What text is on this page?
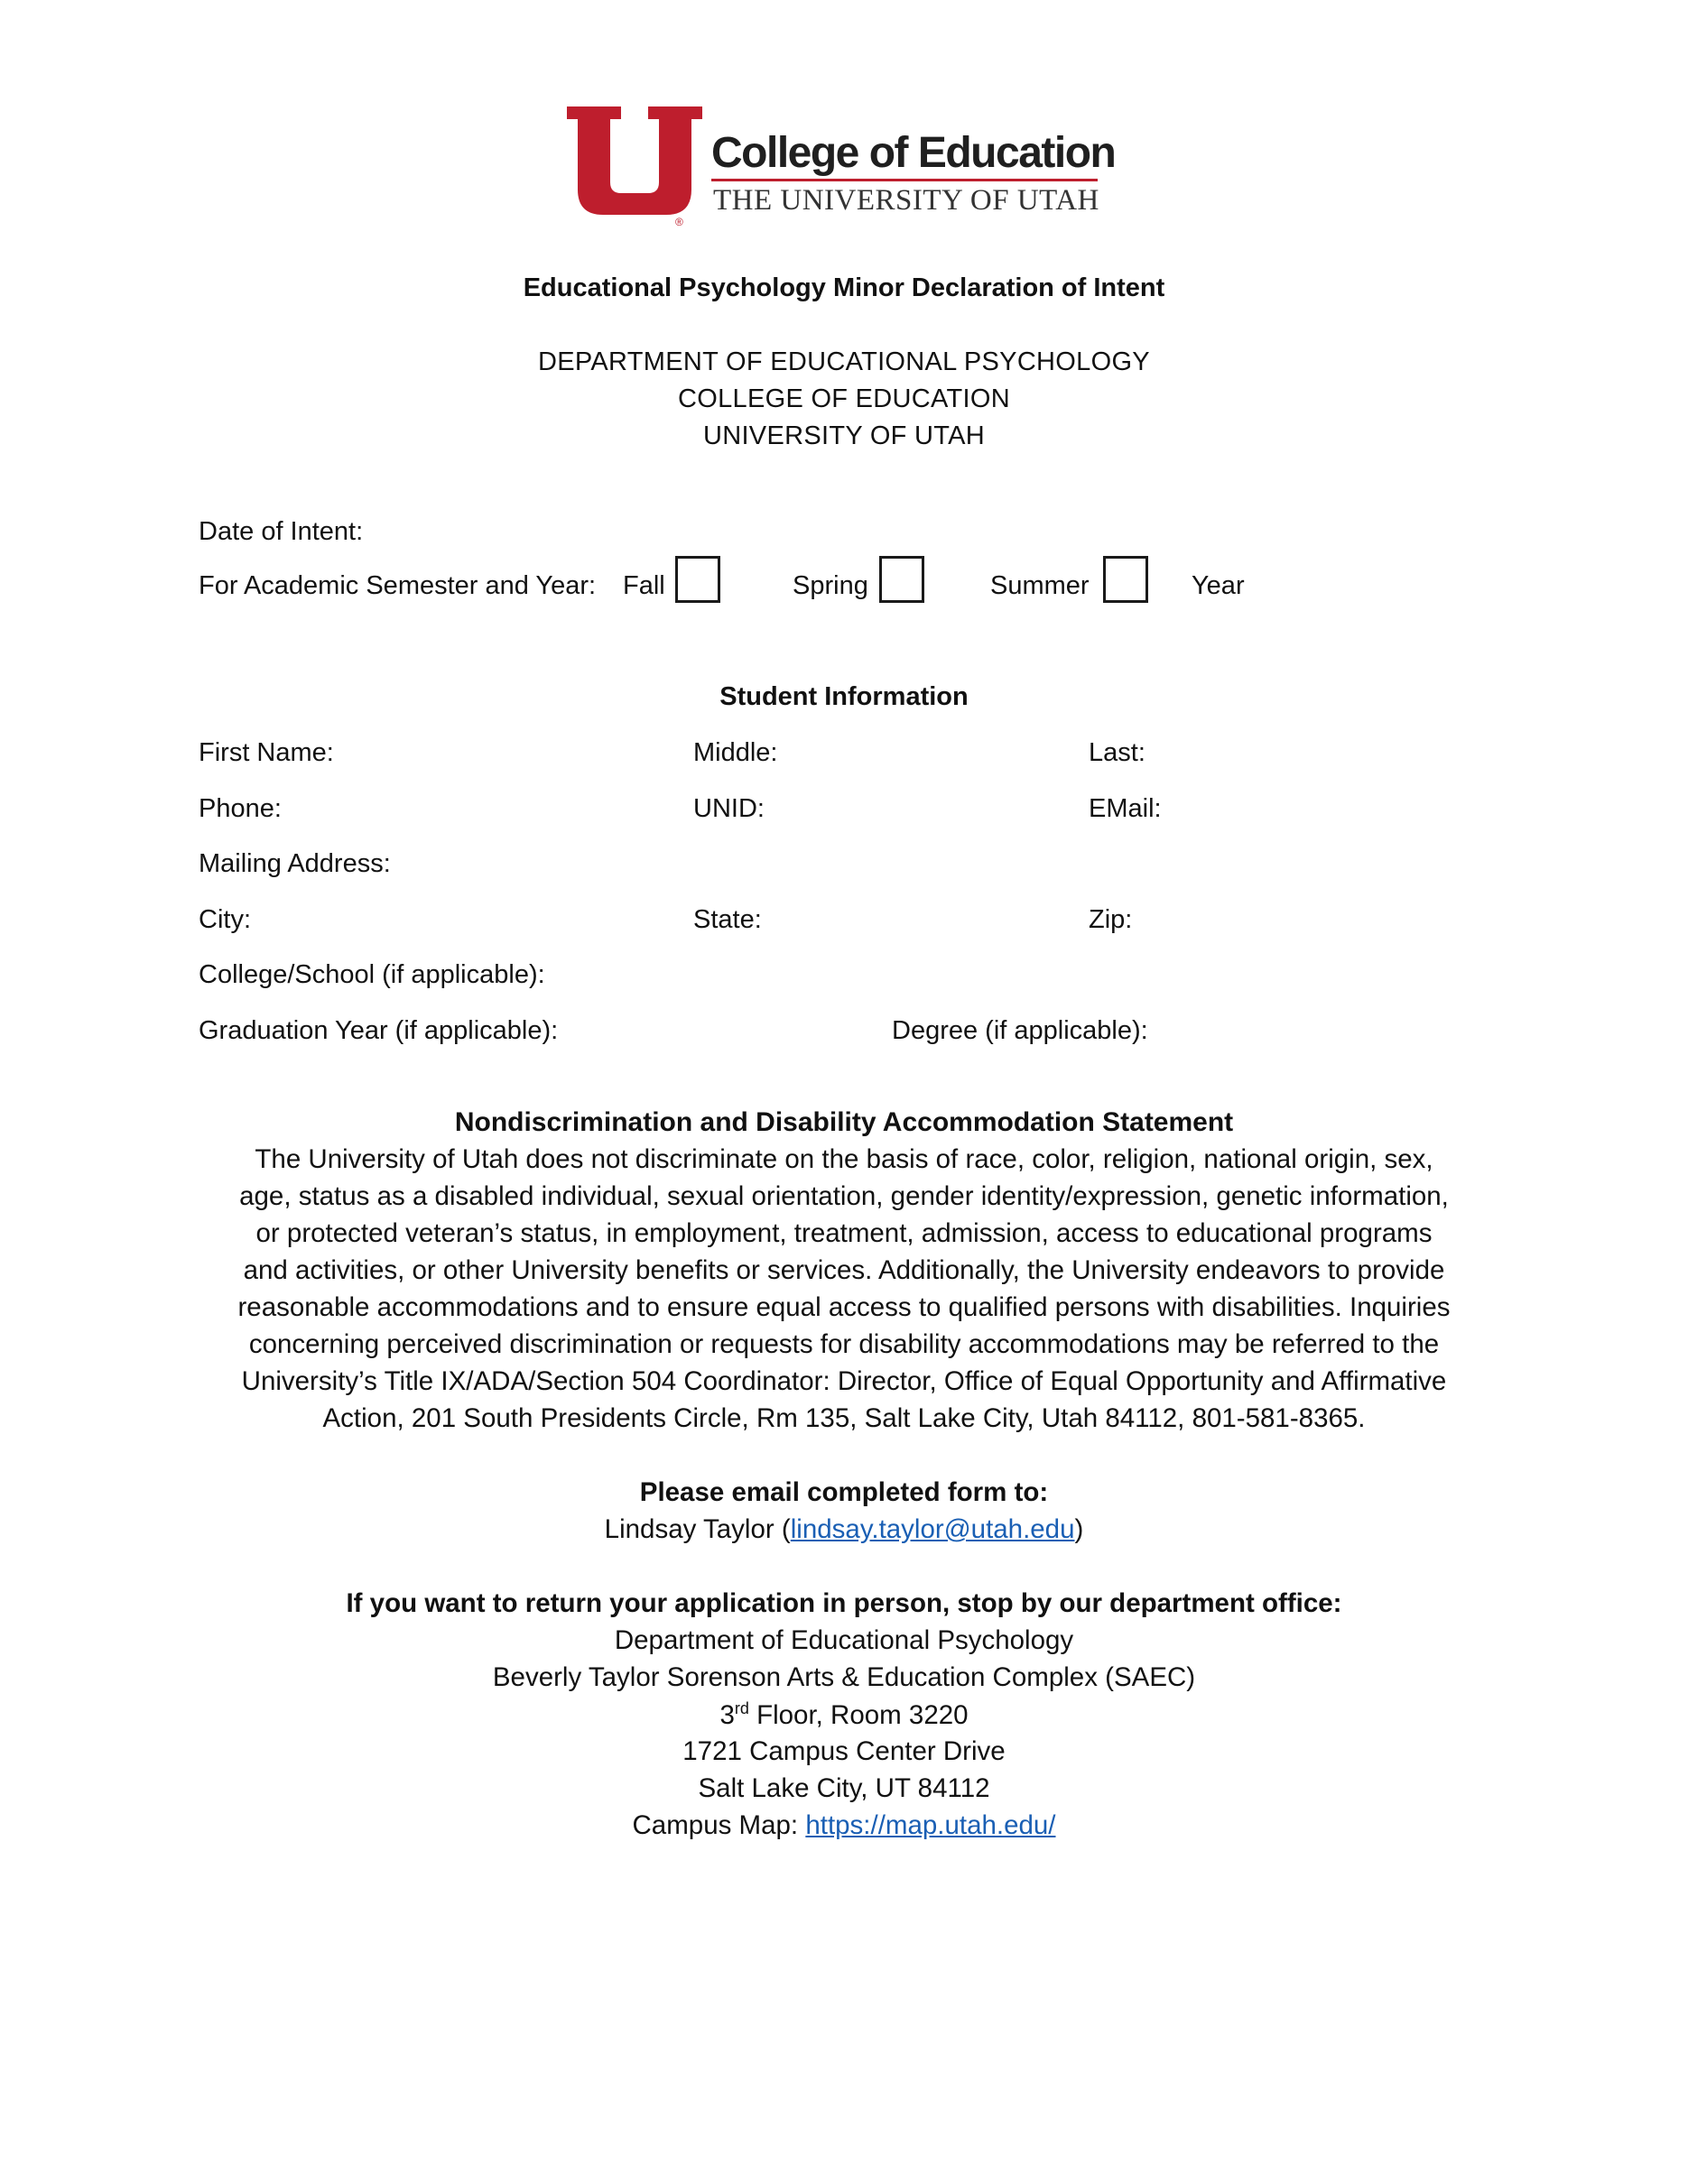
®
College of Education
THE UNIVERSITY OF UTAH
Educational Psychology Minor Declaration of Intent
DEPARTMENT OF EDUCATIONAL PSYCHOLOGY
COLLEGE OF EDUCATION
UNIVERSITY OF UTAH
Date of Intent:
For Academic Semester and Year: Fall	Spring	Summer	Year
Student Information
First Name:	Middle:	Last:
Phone:	UNID:	EMail:
Mailing Address:
City:	State:	Zip:
College/School (if applicable):
Graduation Year (if applicable):	Degree (if applicable):
Nondiscrimination and Disability Accommodation Statement
The University of Utah does not discriminate on the basis of race, color, religion, national origin, sex,
age, status as a disabled individual, sexual orientation, gender identity/expression, genetic information,
or protected veteran’s status, in employment, treatment, admission, access to educational programs
and activities, or other University benefits or services. Additionally, the University endeavors to provide
reasonable accommodations and to ensure equal access to qualified persons with disabilities. Inquiries
concerning perceived discrimination or requests for disability accommodations may be referred to the
University’s Title IX/ADA/Section 504 Coordinator: Director, Office of Equal Opportunity and Affirmative
Action, 201 South Presidents Circle, Rm 135, Salt Lake City, Utah 84112, 801-581-8365.
Please email completed form to:
Lindsay Taylor (lindsay.taylor@utah.edu)
If you want to return your application in person, stop by our department office:
Department of Educational Psychology
Beverly Taylor Sorenson Arts & Education Complex (SAEC)
3rd Floor, Room 3220
1721 Campus Center Drive
Salt Lake City, UT 84112
Campus Map: https://map.utah.edu/
